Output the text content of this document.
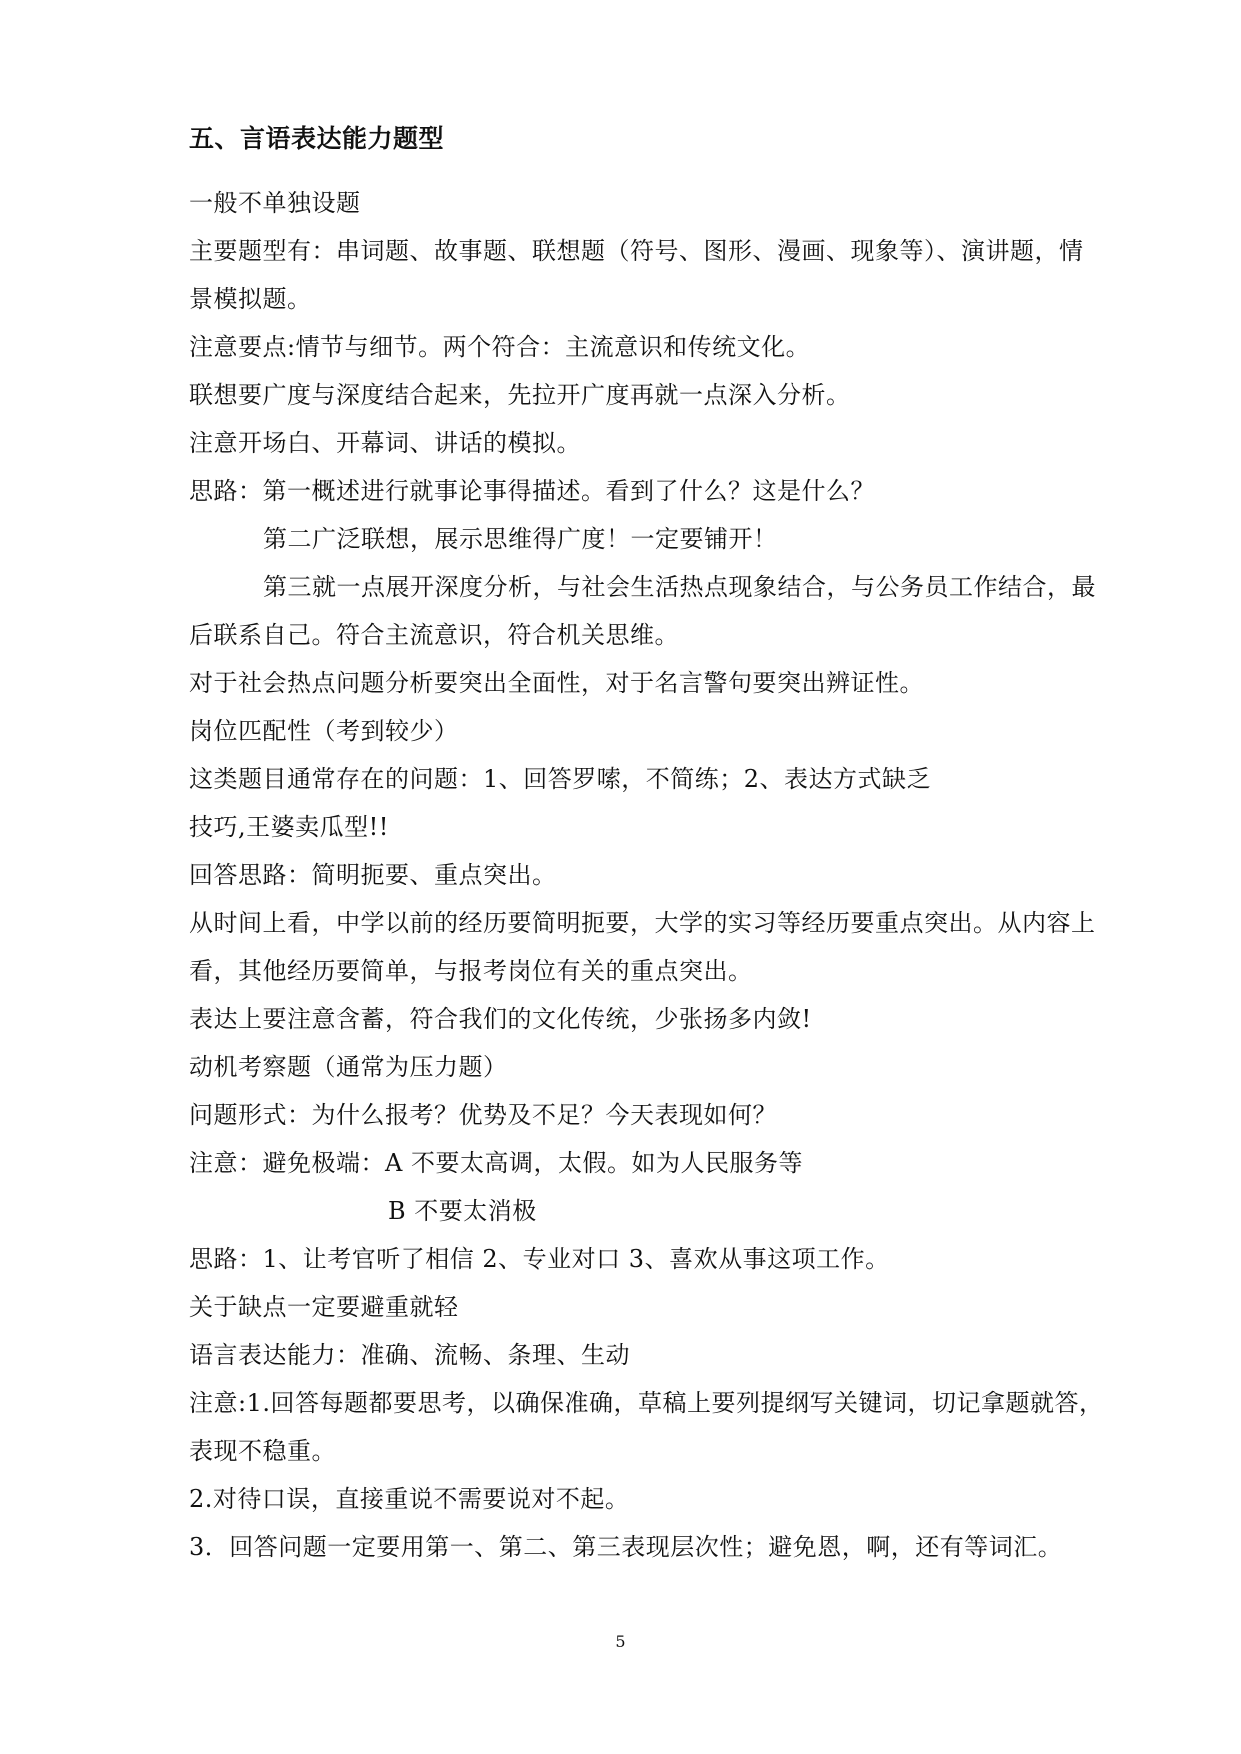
五、言语表达能力题型
一般不单独设题
主要题型有：串词题、故事题、联想题（符号、图形、漫画、现象等）、演讲题，情
景模拟题。
注意要点:情节与细节。两个符合：主流意识和传统文化。
联想要广度与深度结合起来，先拉开广度再就一点深入分析。
注意开场白、开幕词、讲话的模拟。
思路：第一概述进行就事论事得描述。看到了什么？这是什么？
第二广泛联想，展示思维得广度！一定要铺开！
第三就一点展开深度分析，与社会生活热点现象结合，与公务员工作结合，最
后联系自己。符合主流意识，符合机关思维。
对于社会热点问题分析要突出全面性，对于名言警句要突出辨证性。
岗位匹配性（考到较少）
这类题目通常存在的问题：1、回答罗嗦，不简练；2、表达方式缺乏
技巧,王婆卖瓜型!!
回答思路：简明扼要、重点突出。
从时间上看，中学以前的经历要简明扼要，大学的实习等经历要重点突出。从内容上
看，其他经历要简单，与报考岗位有关的重点突出。
表达上要注意含蓄，符合我们的文化传统，少张扬多内敛!
动机考察题（通常为压力题）
问题形式：为什么报考？优势及不足？今天表现如何？
注意：避免极端：A 不要太高调，太假。如为人民服务等
B 不要太消极
思路：1、让考官听了相信 2、专业对口 3、喜欢从事这项工作。
关于缺点一定要避重就轻
语言表达能力：准确、流畅、条理、生动
注意:1.回答每题都要思考，以确保准确，草稿上要列提纲写关键词，切记拿题就答，
表现不稳重。
2.对待口误，直接重说不需要说对不起。
3．回答问题一定要用第一、第二、第三表现层次性；避免恩，啊，还有等词汇。
5
